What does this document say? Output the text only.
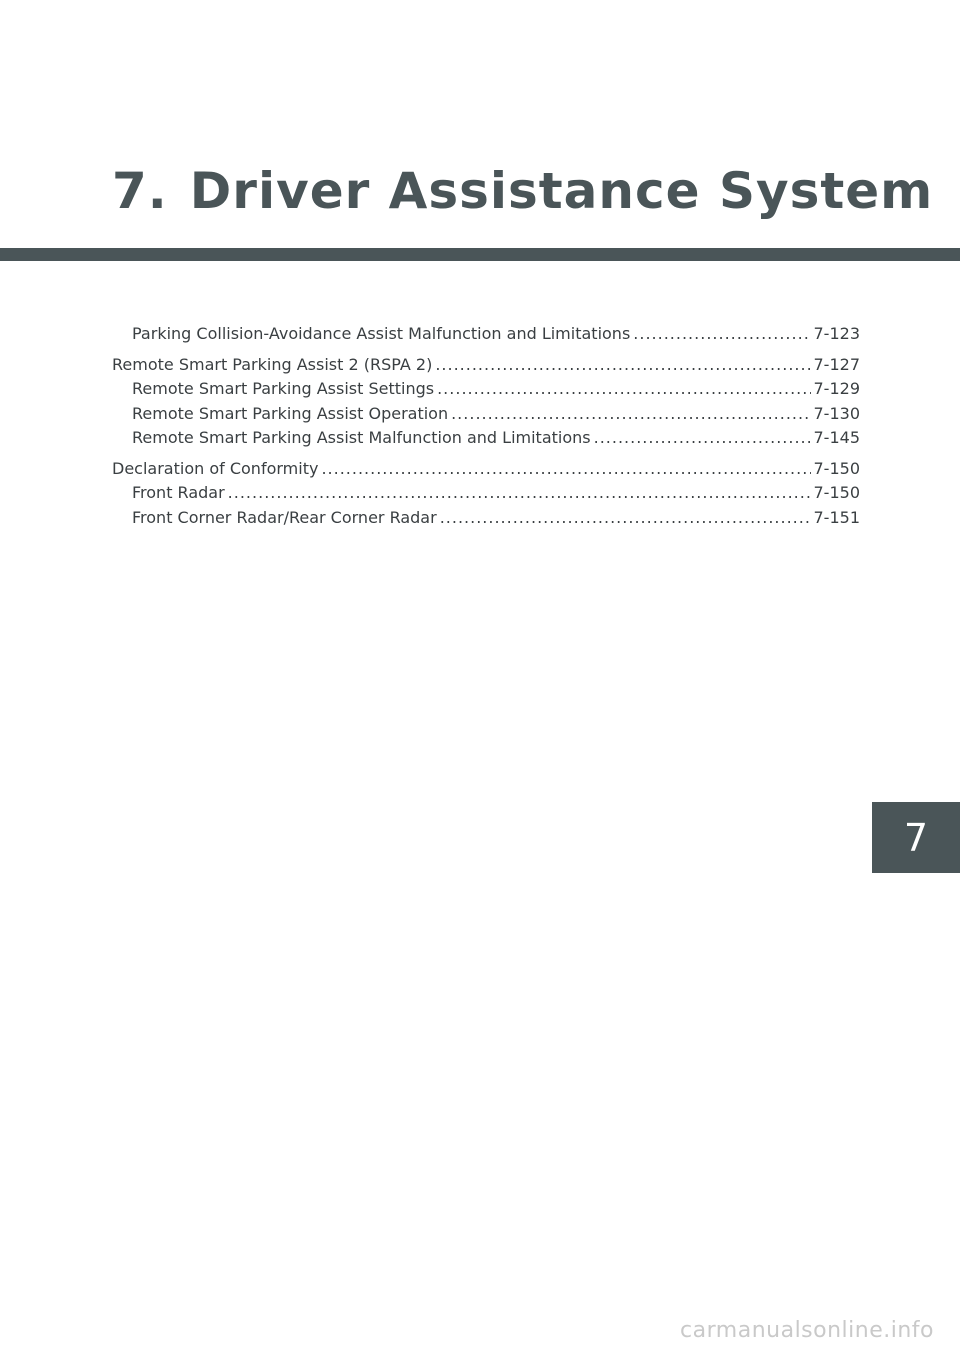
7. Driver Assistance System
Parking Collision-Avoidance Assist Malfunction and Limitations .....	7-123
Remote Smart Parking Assist 2 (RSPA 2) .....	7-127
Remote Smart Parking Assist Settings .....	7-129
Remote Smart Parking Assist Operation .....	7-130
Remote Smart Parking Assist Malfunction and Limitations .....	7-145
Declaration of Conformity .....	7-150
Front Radar .....	7-150
Front Corner Radar/Rear Corner Radar .....	7-151
7
carmanualsonline.info
